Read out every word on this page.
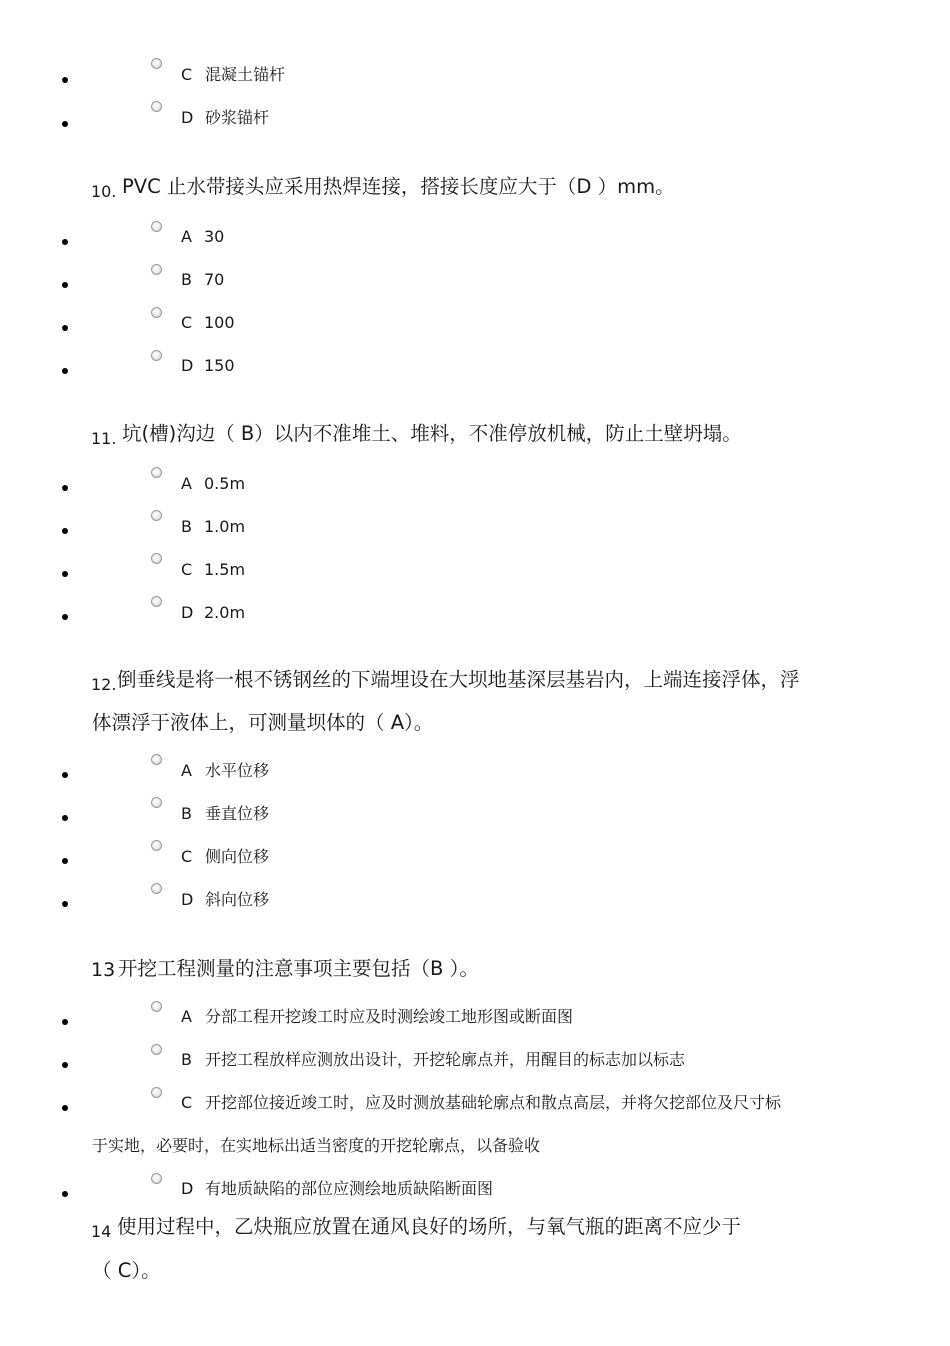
C 混凝土锚杆
D 砂浆锚杆
10. PVC 止水带接头应采用热焊连接，搭接长度应大于（D ）mm。
A 30
B 70
C 100
D 150
11. 坑(槽)沟边（ B）以内不准堆土、堆料，不准停放机械，防止土壁坍塌。
A 0.5m
B 1.0m
C 1.5m
D 2.0m
12. 倒垂线是将一根不锈钢丝的下端埋设在大坝地基深层基岩内，上端连接浮体，浮
体漂浮于液体上，可测量坝体的（ A）。
A 水平位移
B 垂直位移
C 侧向位移
D 斜向位移
13 开挖工程测量的注意事项主要包括（B ）。
A 分部工程开挖竣工时应及时测绘竣工地形图或断面图
B 开挖工程放样应测放出设计，开挖轮廓点并，用醒目的标志加以标志
C 开挖部位接近竣工时，应及时测放基础轮廓点和散点高层，并将欠挖部位及尺寸标
于实地，必要时，在实地标出适当密度的开挖轮廓点，以备验收
D 有地质缺陷的部位应测绘地质缺陷断面图
14 使用过程中，乙炔瓶应放置在通风良好的场所，与氧气瓶的距离不应少于
（ C）。
